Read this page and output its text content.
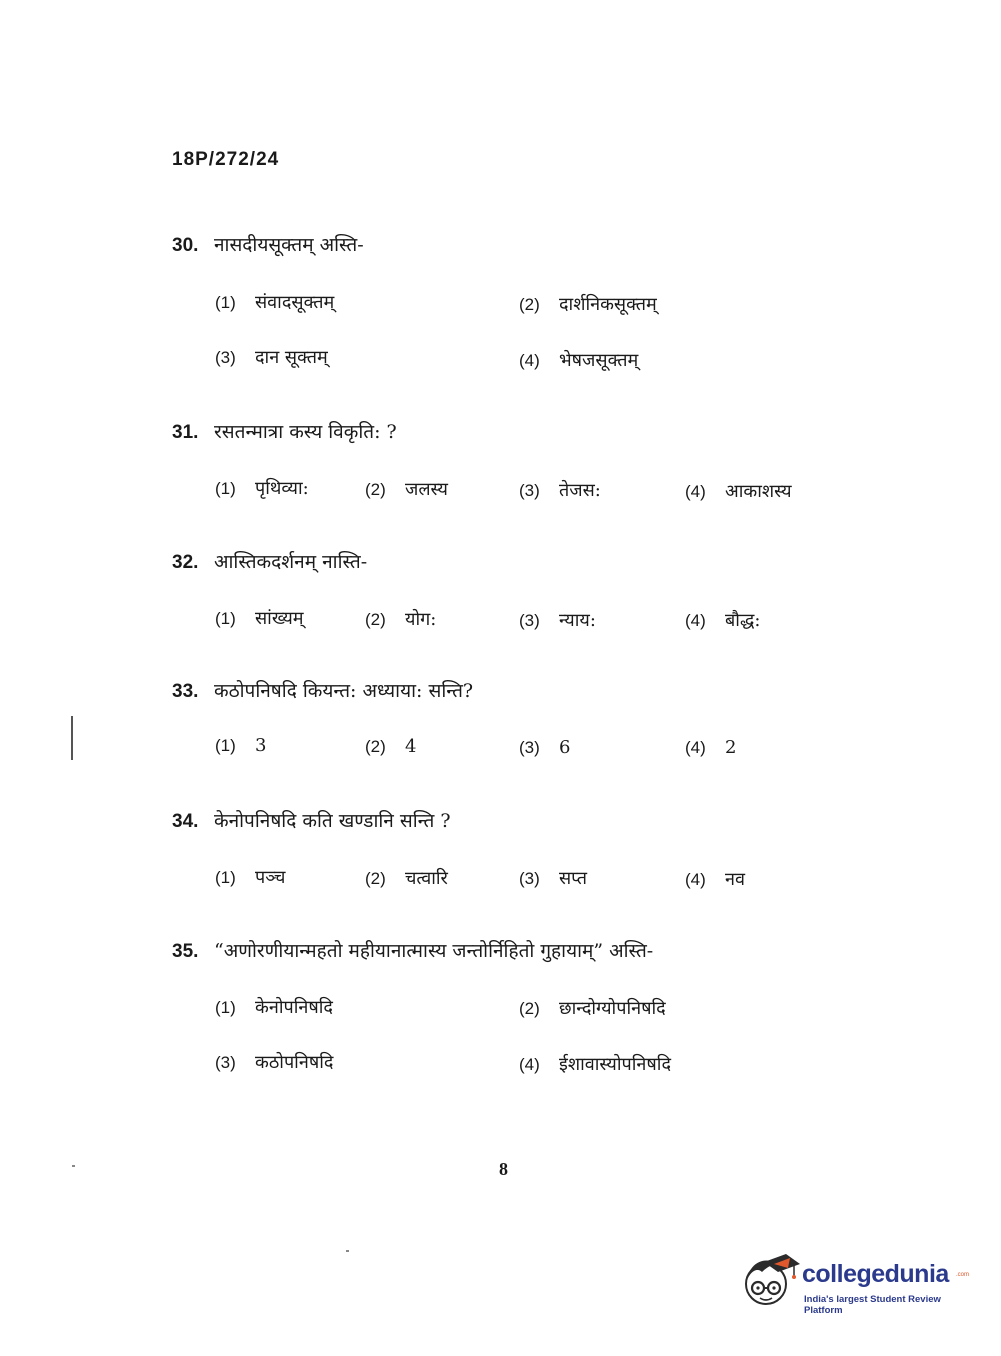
18P/272/24
30. नासदीयसूक्तम् अस्ति-
(1) संवादसूक्तम्	(2) दार्शनिकसूक्तम्
(3) दान सूक्तम्	(4) भेषजसूक्तम्
31. रसतन्मात्रा कस्य विकृति: ?
(1) पृथिव्या:	(2) जलस्य	(3) तेजस:	(4) आकाशस्य
32. आस्तिकदर्शनम् नास्ति-
(1) सांख्यम्	(2) योग:	(3) न्याय:	(4) बौद्ध:
33. कठोपनिषदि कियन्त: अध्याया: सन्ति?
(1) 3	(2) 4	(3) 6	(4) 2
34. केनोपनिषदि कति खण्डानि सन्ति ?
(1) पञ्च	(2) चत्वारि	(3) सप्त	(4) नव
35. “अणोरणीयान्महतो महीयानात्मास्य जन्तोर्निहितो गुहायाम्” अस्ति-
(1) केनोपनिषदि	(2) छान्दोग्योपनिषदि
(3) कठोपनिषदि	(4) ईशावास्योपनिषदि
8
collegedunia .com
India's largest Student Review Platform
